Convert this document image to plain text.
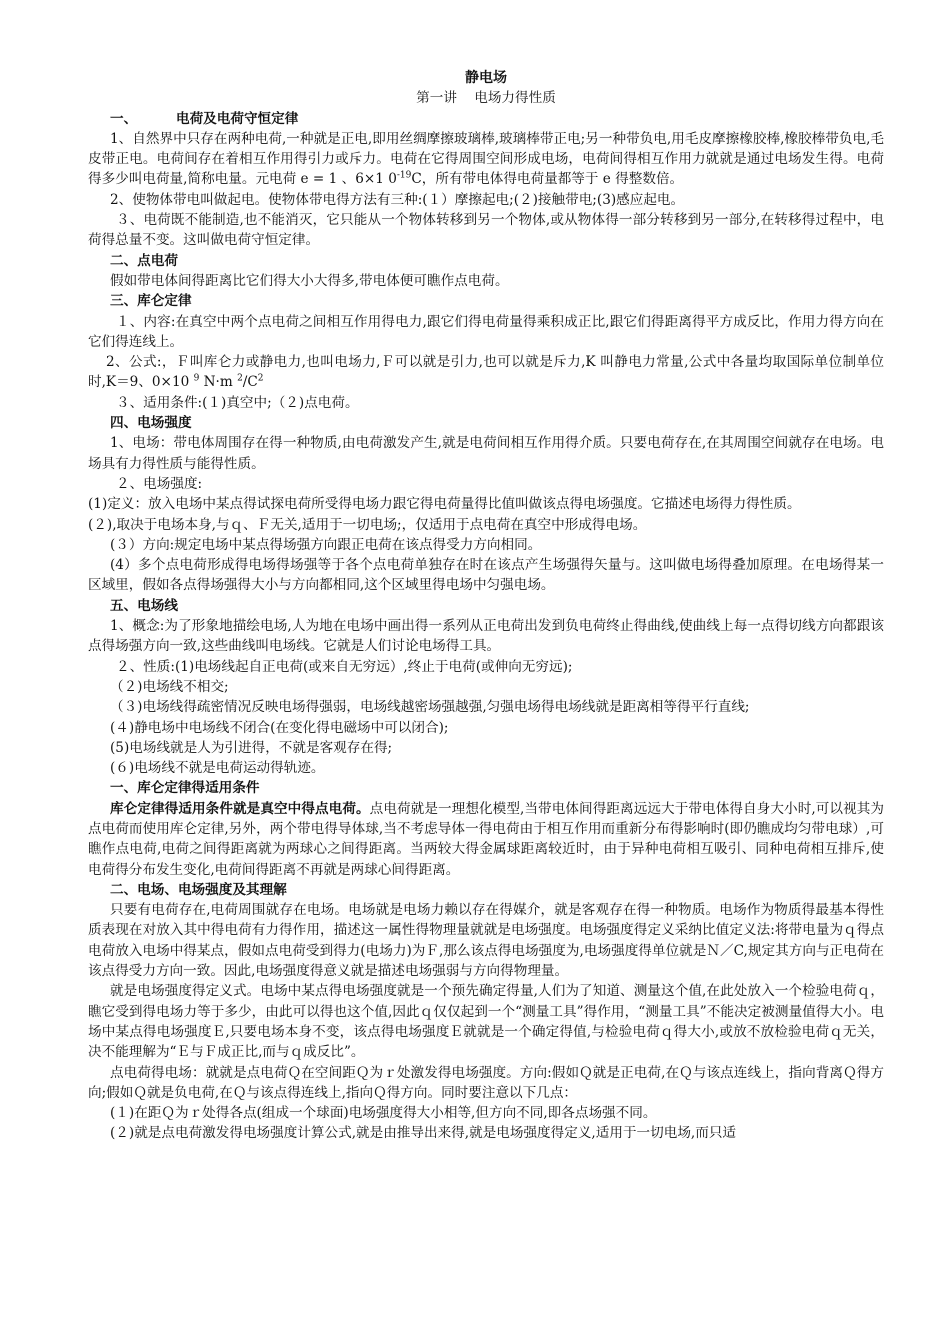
静电场

第一讲    电场力得性质

一、	电荷及电荷守恒定律

1、自然界中只存在两种电荷,一种就是正电,即用丝绸摩擦玻璃棒,玻璃棒带正电;另一种带负电,用毛皮摩擦橡胶棒,橡胶棒带负电,毛皮带正电。电荷间存在着相互作用得引力或斥力。电荷在它得周围空间形成电场，电荷间得相互作用力就就是通过电场发生得。电荷得多少叫电荷量,简称电量。元电荷 e = 1 、6×1 $0^{-19}C$，所有带电体得电荷量都等于 e 得整数倍。

2、使物体带电叫做起电。使物体带电得方法有三种:(１）摩擦起电;(２)接触带电;(3)感应起电。

３、电荷既不能制造,也不能消灭，它只能从一个物体转移到另一个物体,或从物体得一部分转移到另一部分,在转移得过程中，电荷得总量不变。这叫做电荷守恒定律。

二、点电荷

假如带电体间得距离比它们得大小大得多,带电体便可瞧作点电荷。

三、库仑定律

１、内容:在真空中两个点电荷之间相互作用得电力,跟它们得电荷量得乘积成正比,跟它们得距离得平方成反比，作用力得方向在它们得连线上。

2、公式:，Ｆ叫库仑力或静电力,也叫电场力,Ｆ可以就是引力,也可以就是斥力,K 叫静电力常量,公式中各量均取国际单位制单位时,K＝9、0×10 $^9$ N·m $^2/C^2$

３、适用条件:(１)真空中;（２)点电荷。

四、电场强度

1、电场：带电体周围存在得一种物质,由电荷激发产生,就是电荷间相互作用得介质。只要电荷存在,在其周围空间就存在电场。电场具有力得性质与能得性质。

２、电场强度:

(1)定义：放入电场中某点得试探电荷所受得电场力跟它得电荷量得比值叫做该点得电场强度。它描述电场得力得性质。

(２),取决于电场本身,与ｑ、Ｆ无关,适用于一切电场;，仅适用于点电荷在真空中形成得电场。

(３）方向:规定电场中某点得场强方向跟正电荷在该点得受力方向相同。

(4）多个点电荷形成得电场得场强等于各个点电荷单独存在时在该点产生场强得矢量与。这叫做电场得叠加原理。在电场得某一区域里，假如各点得场强得大小与方向都相同,这个区域里得电场中匀强电场。

五、电场线

1、概念:为了形象地描绘电场,人为地在电场中画出得一系列从正电荷出发到负电荷终止得曲线,使曲线上每一点得切线方向都跟该点得场强方向一致,这些曲线叫电场线。它就是人们讨论电场得工具。

２、性质:(1)电场线起自正电荷(或来自无穷远）,终止于电荷(或伸向无穷远);

（２)电场线不相交;

（３)电场线得疏密情况反映电场得强弱，电场线越密场强越强,匀强电场得电场线就是距离相等得平行直线;

(４)静电场中电场线不闭合(在变化得电磁场中可以闭合);

(5)电场线就是人为引进得，不就是客观存在得;

(６)电场线不就是电荷运动得轨迹。

一、库仑定律得适用条件

库仑定律得适用条件就是真空中得点电荷。点电荷就是一理想化模型,当带电体间得距离远远大于带电体得自身大小时,可以视其为点电荷而使用库仑定律,另外，两个带电得导体球,当不考虑导体一得电荷由于相互作用而重新分布得影响时(即仍瞧成均匀带电球）,可瞧作点电荷,电荷之间得距离就为两球心之间得距离。当两较大得金属球距离较近时，由于异种电荷相互吸引、同种电荷相互排斥,使电荷得分布发生变化,电荷间得距离不再就是两球心间得距离。

二、电场、电场强度及其理解

只要有电荷存在,电荷周围就存在电场。电场就是电场力赖以存在得媒介，就是客观存在得一种物质。电场作为物质得最基本得性质表现在对放入其中得电荷有力得作用，描述这一属性得物理量就就是电场强度。电场强度得定义采纳比值定义法:将带电量为ｑ得点电荷放入电场中得某点，假如点电荷受到得力(电场力)为Ｆ,那么该点得电场强度为,电场强度得单位就是Ｎ／C,规定其方向与正电荷在该点得受力方向一致。因此,电场强度得意义就是描述电场强弱与方向得物理量。

就是电场强度得定义式。电场中某点得电场强度就是一个预先确定得量,人们为了知道、测量这个值,在此处放入一个检验电荷ｑ，瞧它受到得电场力等于多少，由此可以得也这个值,因此ｑ仅仅起到一个“测量工具”得作用，“测量工具”不能决定被测量值得大小。电场中某点得电场强度Ｅ,只要电场本身不变，该点得电场强度Ｅ就就是一个确定得值,与检验电荷ｑ得大小,或放不放检验电荷ｑ无关，决不能理解为“Ｅ与Ｆ成正比,而与ｑ成反比”。

点电荷得电场：就就是点电荷Ｑ在空间距Ｑ为ｒ处激发得电场强度。方向:假如Ｑ就是正电荷,在Ｑ与该点连线上，指向背离Ｑ得方向;假如Ｑ就是负电荷,在Ｑ与该点得连线上,指向Ｑ得方向。同时要注意以下几点：

(１)在距Ｑ为ｒ处得各点(组成一个球面)电场强度得大小相等,但方向不同,即各点场强不同。

(２)就是点电荷激发得电场强度计算公式,就是由推导出来得,就是电场强度得定义,适用于一切电场,而只适
